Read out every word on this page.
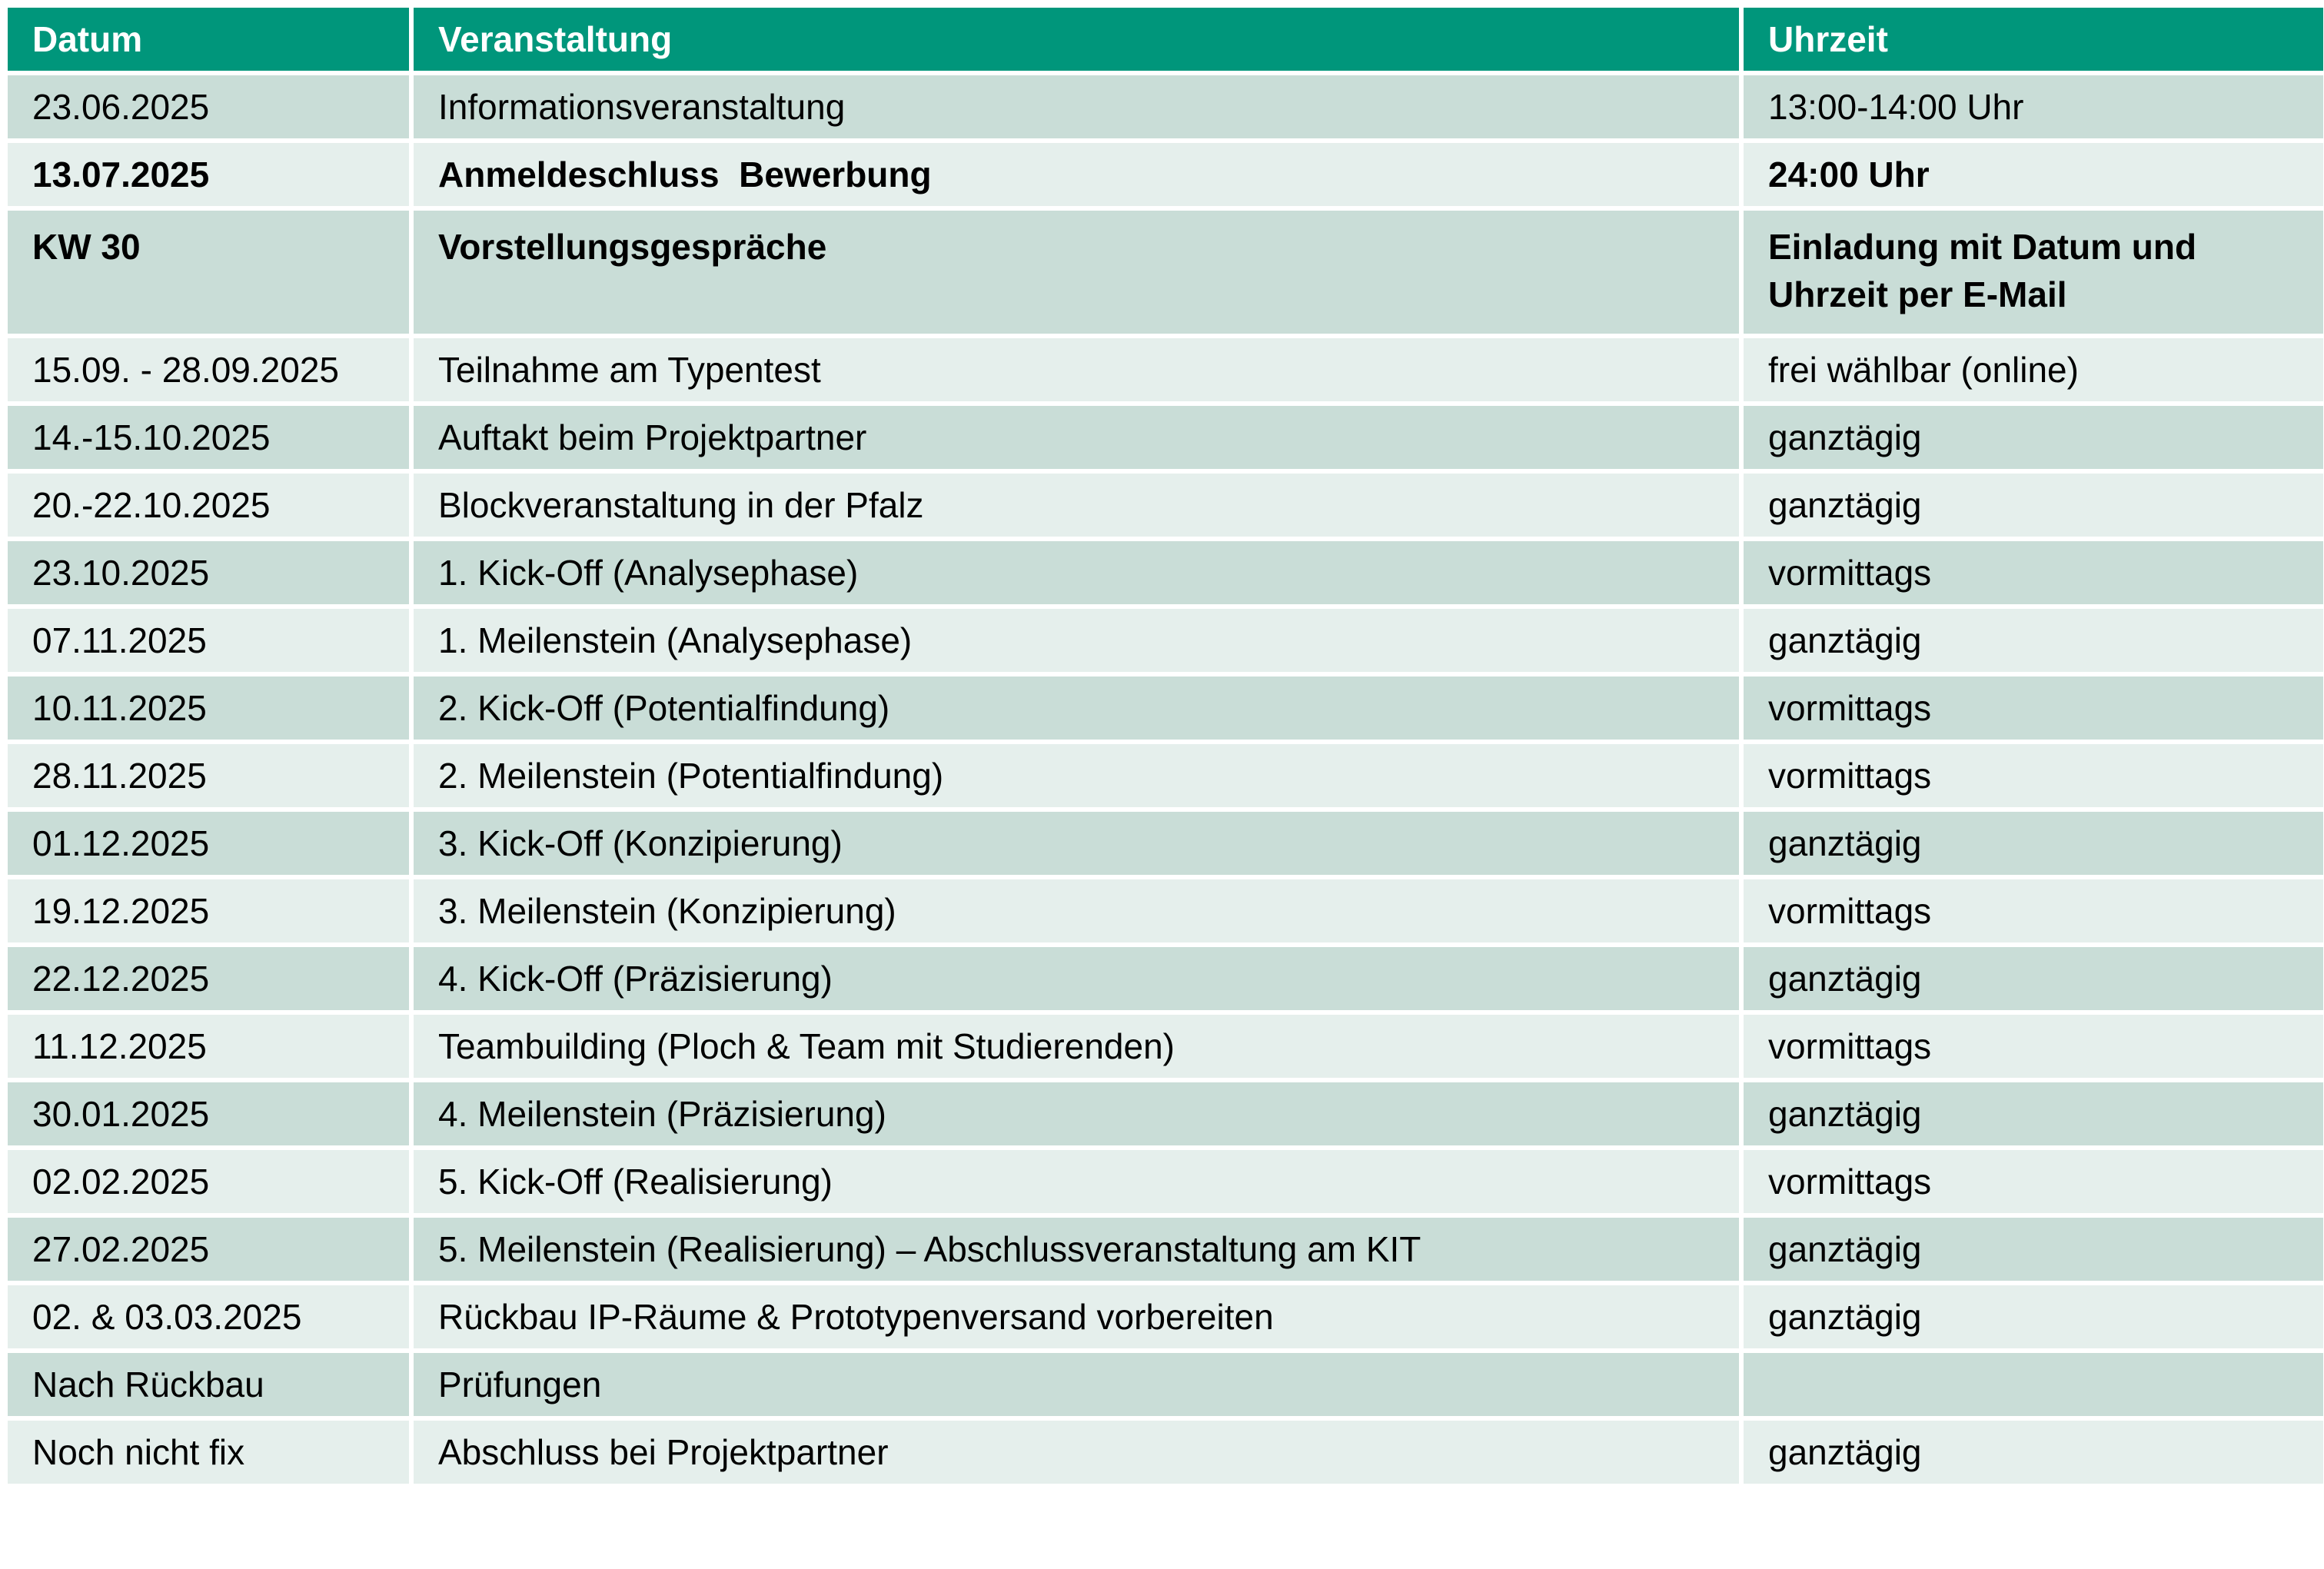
Datum	Veranstaltung	Uhrzeit
23.06.2025	Informationsveranstaltung	13:00-14:00 Uhr
13.07.2025	Anmeldeschluss  Bewerbung	24:00 Uhr
KW 30	Vorstellungsgespräche	Einladung mit Datum und Uhrzeit per E-Mail
15.09. - 28.09.2025	Teilnahme am Typentest	frei wählbar (online)
14.-15.10.2025	Auftakt beim Projektpartner	ganztägig
20.-22.10.2025	Blockveranstaltung in der Pfalz	ganztägig
23.10.2025	1. Kick-Off (Analysephase)	vormittags
07.11.2025	1. Meilenstein (Analysephase)	ganztägig
10.11.2025	2. Kick-Off (Potentialfindung)	vormittags
28.11.2025	2. Meilenstein (Potentialfindung)	vormittags
01.12.2025	3. Kick-Off (Konzipierung)	ganztägig
19.12.2025	3. Meilenstein (Konzipierung)	vormittags
22.12.2025	4. Kick-Off (Präzisierung)	ganztägig
11.12.2025	Teambuilding (Ploch & Team mit Studierenden)	vormittags
30.01.2025	4. Meilenstein (Präzisierung)	ganztägig
02.02.2025	5. Kick-Off (Realisierung)	vormittags
27.02.2025	5. Meilenstein (Realisierung) – Abschlussveranstaltung am KIT	ganztägig
02. & 03.03.2025	Rückbau IP-Räume & Prototypenversand vorbereiten	ganztägig
Nach Rückbau	Prüfungen	
Noch nicht fix	Abschluss bei Projektpartner	ganztägig
